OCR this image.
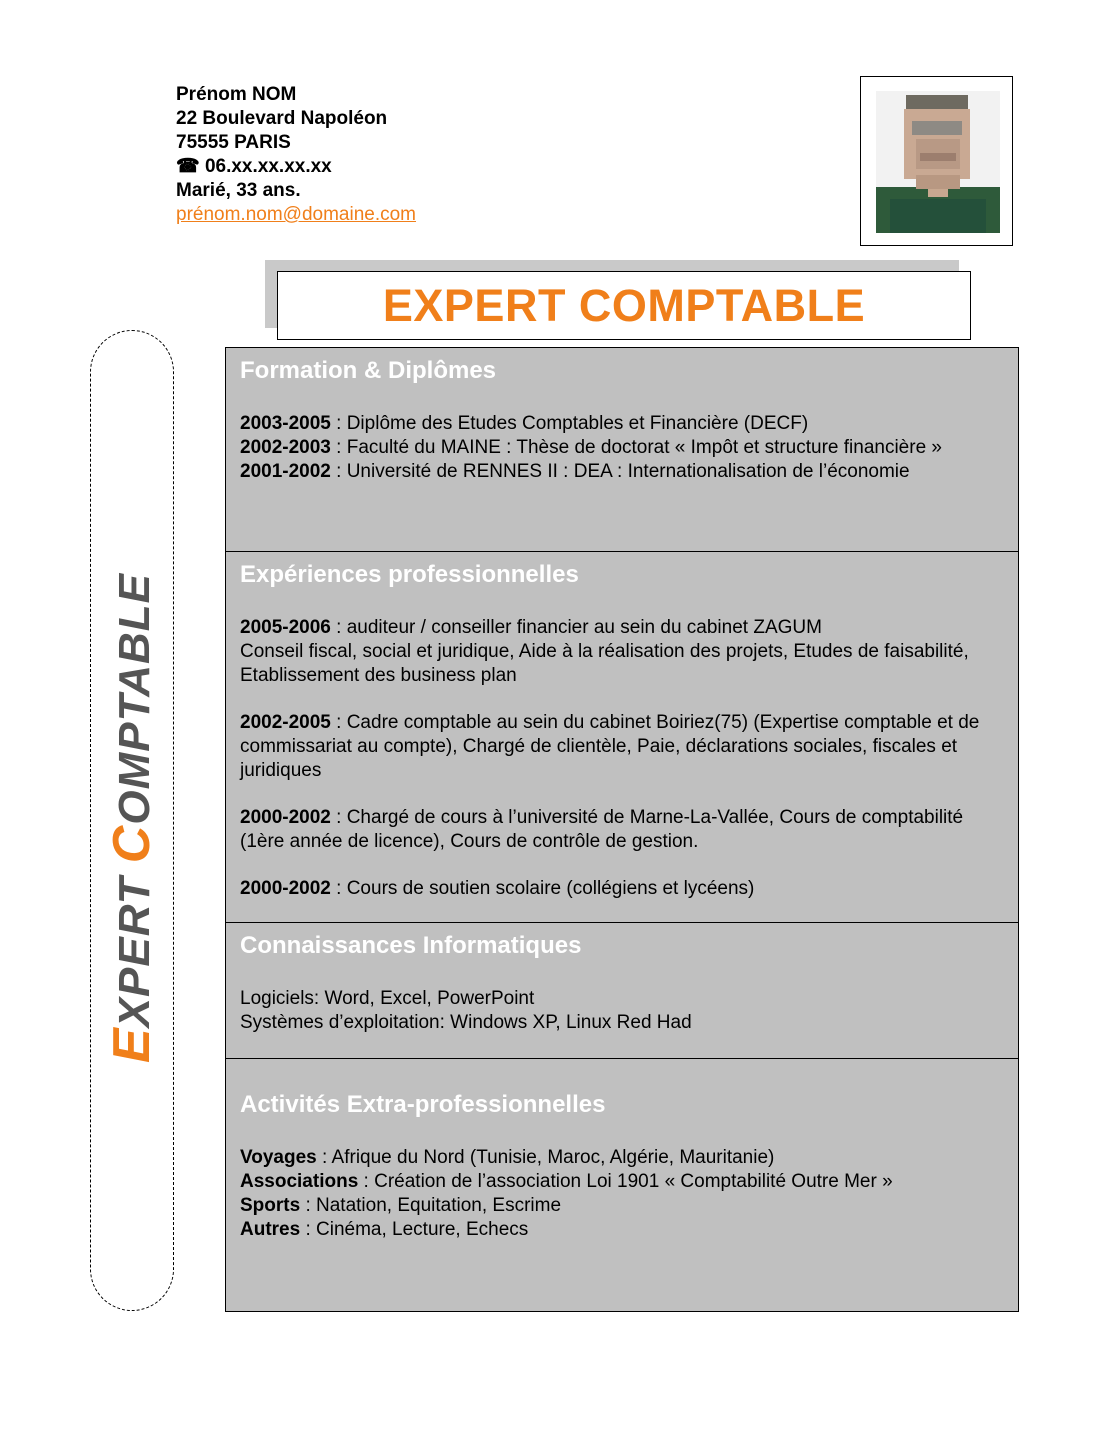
Prénom NOM
22 Boulevard Napoléon
75555 PARIS
☎ 06.xx.xx.xx.xx
Marié, 33 ans.
prénom.nom@domaine.com
EXPERT COMPTABLE
EXPERT COMPTABLE
Formation & Diplômes

2003-2005 : Diplôme des Etudes Comptables et Financière (DECF)

2002-2003 : Faculté du MAINE : Thèse de doctorat « Impôt et structure financière »

2001-2002 : Université de RENNES II : DEA : Internationalisation de l’économie

Expériences professionnelles

2005-2006 : auditeur / conseiller financier au sein du cabinet ZAGUM

Conseil fiscal, social et juridique, Aide à la réalisation des projets, Etudes de faisabilité, Etablissement des business plan

2002-2005 : Cadre comptable au sein du cabinet Boiriez(75) (Expertise comptable et de commissariat au compte), Chargé de clientèle, Paie, déclarations sociales, fiscales et juridiques

2000-2002 : Chargé de cours à l’université de Marne-La-Vallée, Cours de comptabilité (1ère année de licence), Cours de contrôle de gestion.

2000-2002 : Cours de soutien scolaire (collégiens et lycéens)

Connaissances Informatiques

Logiciels: Word, Excel, PowerPoint

Systèmes d’exploitation: Windows XP, Linux Red Had

Activités Extra-professionnelles

Voyages : Afrique du Nord (Tunisie, Maroc, Algérie, Mauritanie)

Associations : Création de l’association Loi 1901 « Comptabilité Outre Mer »

Sports : Natation, Equitation, Escrime

Autres : Cinéma, Lecture, Echecs
